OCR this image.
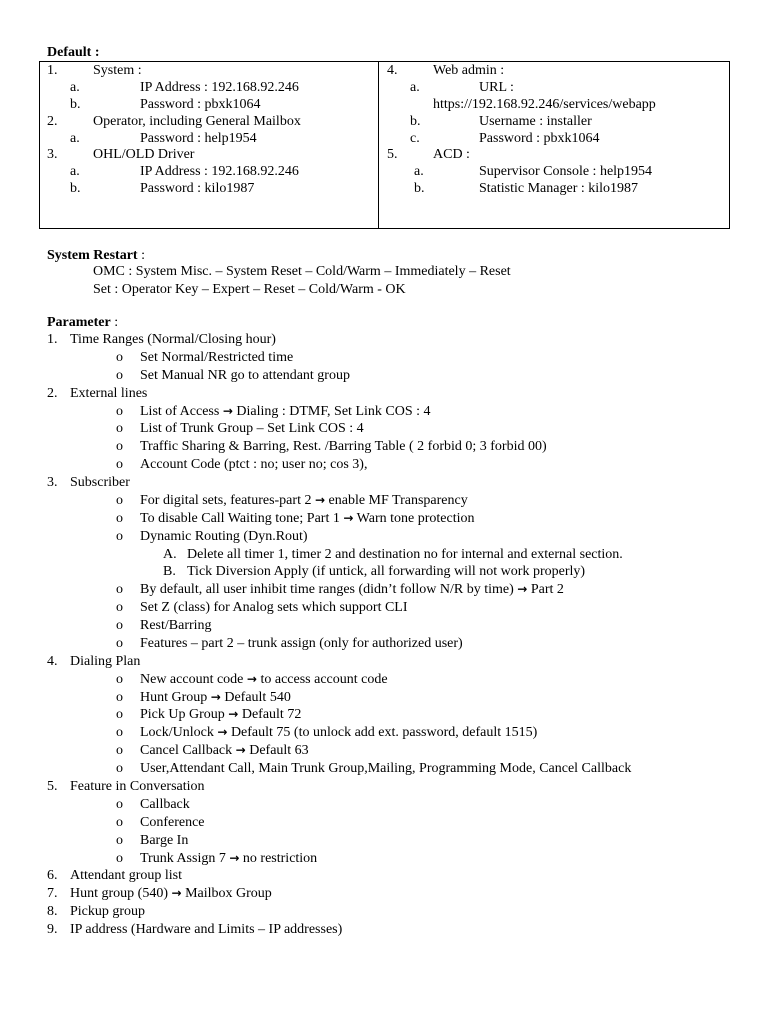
Default :
1.	System :
a.	IP Address : 192.168.92.246
b.	Password : pbxk1064
2.	Operator, including General Mailbox
a.	Password : help1954
3.	OHL/OLD Driver
a.	IP Address : 192.168.92.246
b.	Password : kilo1987
4.	Web admin :
a.	URL :
https://192.168.92.246/services/webapp
b.	Username : installer
c.	Password : pbxk1064
5.	ACD :
a.	Supervisor Console : help1954
b.	Statistic Manager : kilo1987
System Restart :
OMC : System Misc. – System Reset – Cold/Warm – Immediately – Reset
Set : Operator Key – Expert – Reset – Cold/Warm - OK
Parameter :
1. Time Ranges (Normal/Closing hour)
o Set Normal/Restricted time
o Set Manual NR go to attendant group
2. External lines
o List of Access → Dialing : DTMF, Set Link COS : 4
o List of Trunk Group – Set Link COS : 4
o Traffic Sharing & Barring, Rest. /Barring Table ( 2 forbid 0; 3 forbid 00)
o Account Code (ptct : no; user no; cos 3),
3. Subscriber
o For digital sets, features-part 2 → enable MF Transparency
o To disable Call Waiting tone; Part 1 → Warn tone protection
o Dynamic Routing (Dyn.Rout)
A. Delete all timer 1, timer 2 and destination no for internal and external section.
B. Tick Diversion Apply (if untick, all forwarding will not work properly)
o By default, all user inhibit time ranges (didn’t follow N/R by time) → Part 2
o Set Z (class) for Analog sets which support CLI
o Rest/Barring
o Features – part 2 – trunk assign (only for authorized user)
4. Dialing Plan
o New account code → to access account code
o Hunt Group → Default 540
o Pick Up Group → Default 72
o Lock/Unlock → Default 75 (to unlock add ext. password, default 1515)
o Cancel Callback → Default 63
o User,Attendant Call, Main Trunk Group,Mailing, Programming Mode, Cancel Callback
5. Feature in Conversation
o Callback
o Conference
o Barge In
o Trunk Assign 7 → no restriction
6. Attendant group list
7. Hunt group (540) → Mailbox Group
8. Pickup group
9. IP address (Hardware and Limits – IP addresses)
